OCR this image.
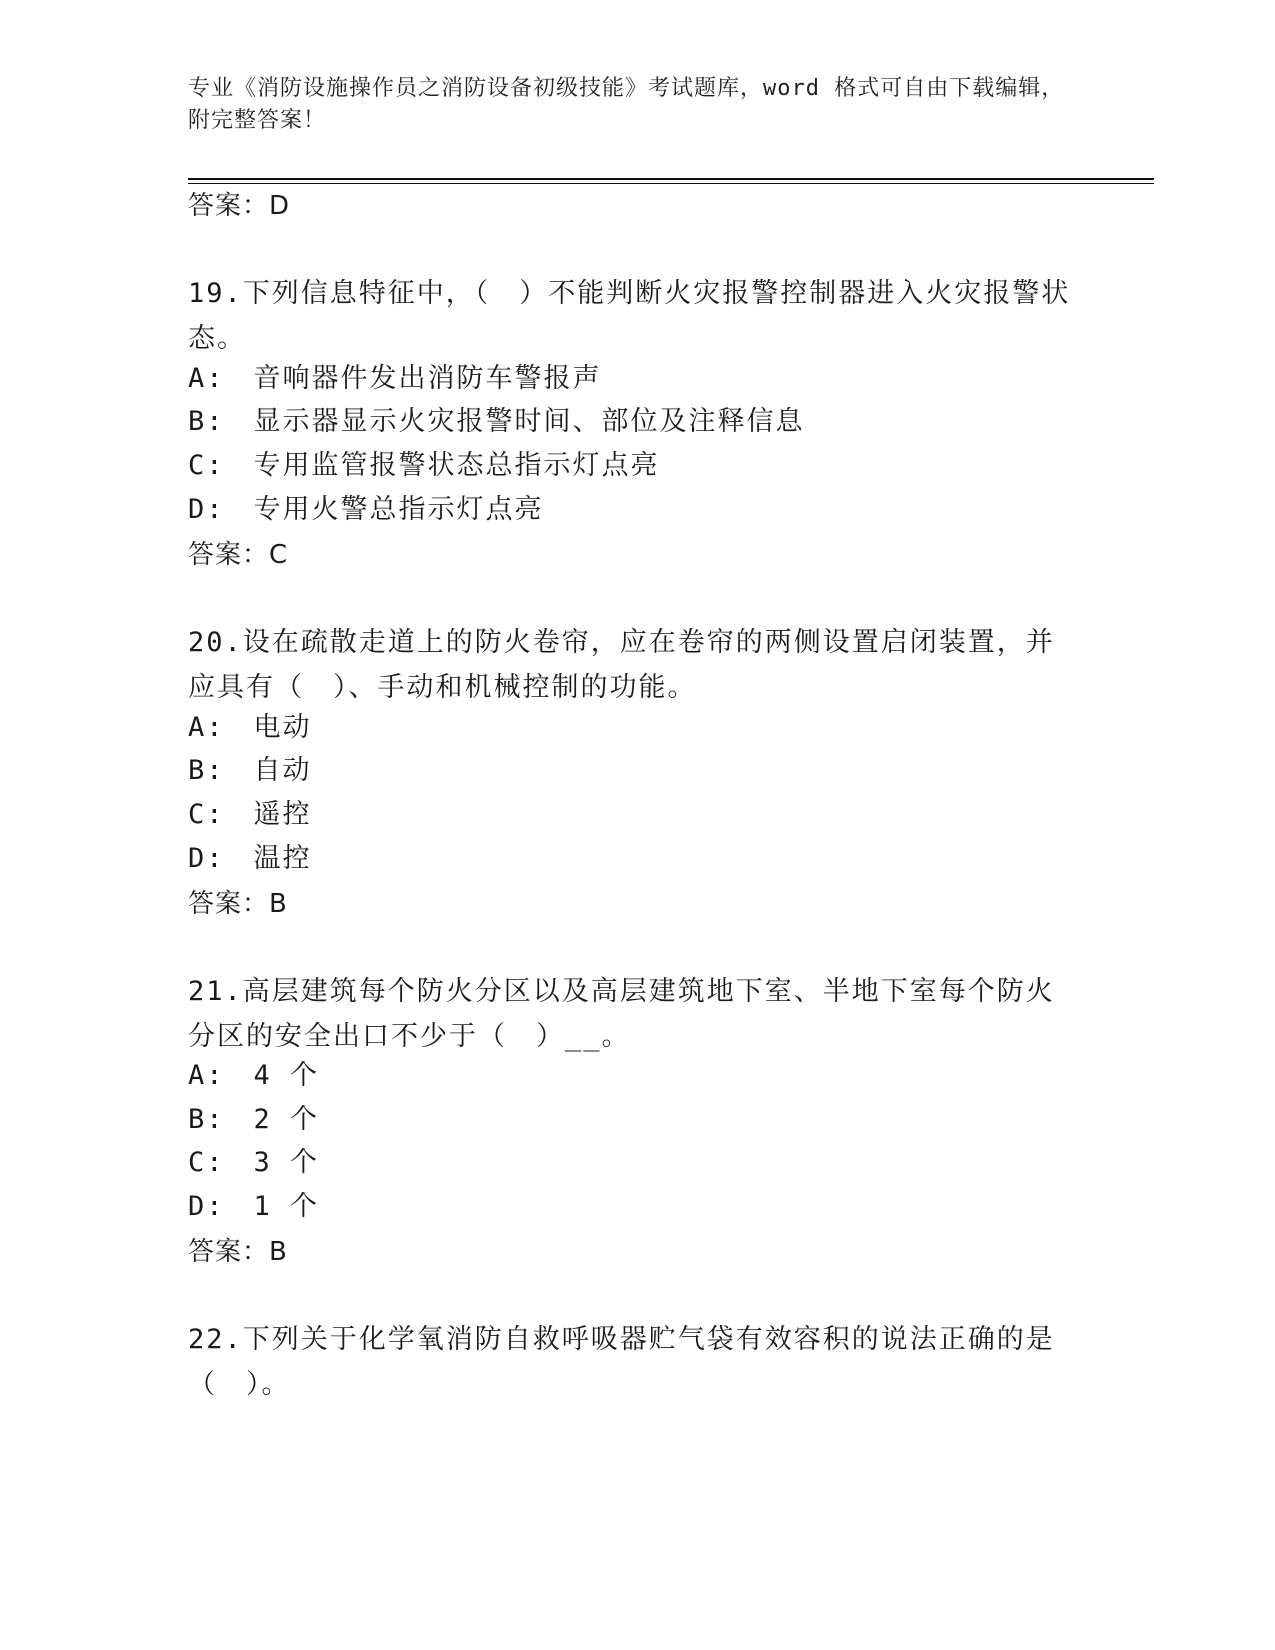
专业《消防设施操作员之消防设备初级技能》考试题库，word 格式可自由下载编辑，附完整答案！
答案：D
19.下列信息特征中，（　）不能判断火灾报警控制器进入火灾报警状态。
A:　音响器件发出消防车警报声
B:　显示器显示火灾报警时间、部位及注释信息
C:　专用监管报警状态总指示灯点亮
D:　专用火警总指示灯点亮
答案：C
20.设在疏散走道上的防火卷帘，应在卷帘的两侧设置启闭装置，并应具有（　）、手动和机械控制的功能。
A:　电动
B:　自动
C:　遥控
D:　温控
答案：B
21.高层建筑每个防火分区以及高层建筑地下室、半地下室每个防火分区的安全出口不少于（　）__。
A:　4 个
B:　2 个
C:　3 个
D:　1 个
答案：B
22.下列关于化学氧消防自救呼吸器贮气袋有效容积的说法正确的是（　）。
